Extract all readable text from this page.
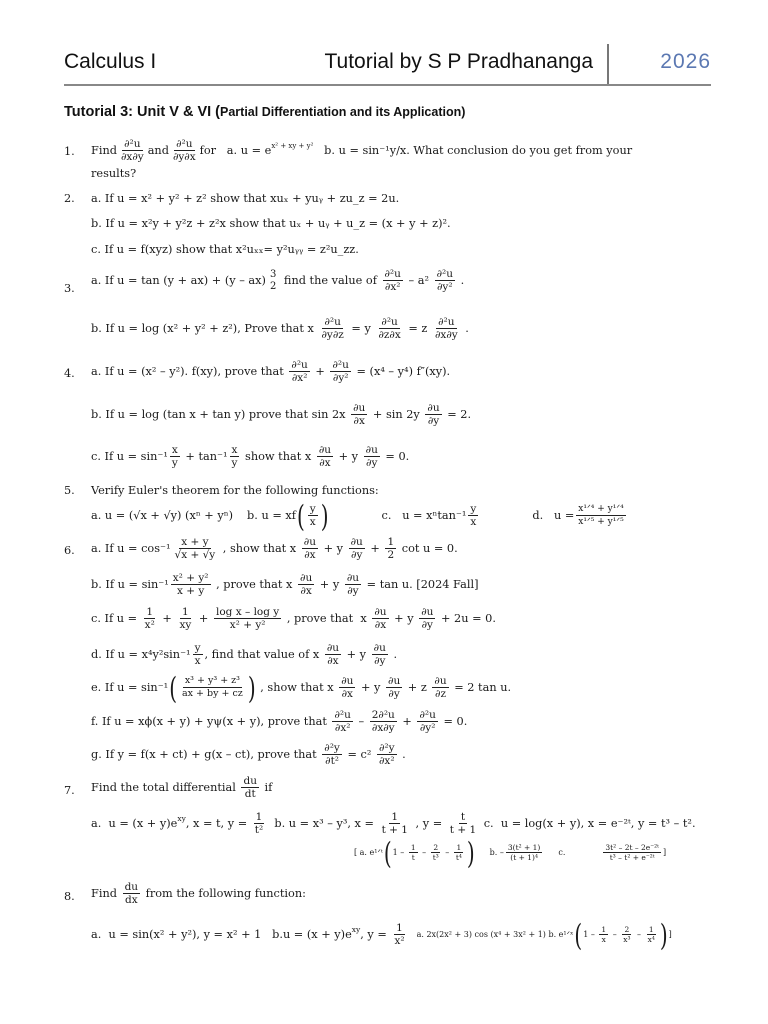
Calculus I	Tutorial by S P Pradhananga	2026
Tutorial 3: Unit V & VI (Partial Differentiation and its Application)
1. Find $\frac{\text{∂²u}}{\partial x\partial y}$ and $\frac{\text{∂²u}}{\partial y\partial x}$ for   a. $u = e^{x^2 + xy + y^2}$ b. u = sin⁻¹y/x. What conclusion do you get from your
results?
2. a. If u = x² + y² + z² show that xuₓ + yuᵧ + zu_z = 2u.
b. If u = x²y + y²z + z²x show that uₓ + uᵧ + u_z = (x + y + z)².
c. If u = f(xyz) show that x²uₓₓ= y²uᵧᵧ = z²u_zz.
3.
a. If u = tan (y + ax) + (y – ax) 3
2 find the value of $\frac{\text{∂²u}}{\text{∂x²}} - a^2 \frac{\text{∂²u}}{\text{∂y²}}$ .
b. If u = log (x² + y² + z²), Prove that x $\frac{\text{∂²u}}{\partial y\partial z} = y \frac{\text{∂²u}}{\partial z\partial x} = z \frac{\text{∂²u}}{\partial x\partial y}$ .
4. a. If u = (x² – y²). f(xy), prove that $\frac{\text{∂²u}}{\text{∂x²}} + \frac{\text{∂²u}}{\text{∂y²}} = (x^4 - y^4)$ f″(xy).
b. If u = log (tan x + tan y) prove that $\sin 2x \frac{\partial u}{\partial x} + \sin 2y \frac{\partial u}{\partial y} = 2$.
c. If $u = \sin^{-1} \frac{x}{y} + \tan^{-1} \frac{x}{y}$ show that x $\frac{\partial u}{\partial x} + y \frac{\partial u}{\partial y} = 0$.
5. Verify Euler's theorem for the following functions:
a. u = (√x + √y) (xⁿ + yⁿ) b. u = xf ( $\frac{y}{x}$ )	c.   $u = x^n\tan^{-1} \frac{y}{x}$	d.   $u = \frac{\text{x¹ᐟ⁴ + y¹ᐟ⁴}}{\text{x¹ᐟ⁵ + y¹ᐟ⁵}}$
6. a. If $u = \cos^{-1} \frac{x + y}{√x + √y}$ , show that x $\frac{\partial u}{\partial x} + y \frac{\partial u}{\partial y} + \frac{1}{2}$ cot u = 0.
b. If $u = \sin^{-1} \frac{\text{x² + y²}}{x + y}$ , prove that x $\frac{\partial u}{\partial x} + y \frac{\partial u}{\partial y} = \tan u$. [2024 Fall]
c. If $u = \frac{1}{\text{x²}} + \frac{1}{xy} + \frac{\text{log x – log y}}{\text{x² + y²}}$ , prove that  x $\frac{\partial u}{\partial x} + y \frac{\partial u}{\partial y} + 2u = 0$.
d. If $u = x^4y^2\sin^{-1} \frac{y}{x}$ , find that value of x $\frac{\partial u}{\partial x} + y \frac{\partial u}{\partial y}$ .
e. If u = sin⁻¹ ( $\frac{\text{x³ + y³ + z³}}{ax + by + cz}$ ) , show that x $\frac{\partial u}{\partial x} + y \frac{\partial u}{\partial y} + z \frac{\partial u}{\partial z} = 2$ tan u.
f. If u = xϕ(x + y) + yψ(x + y), prove that $\frac{\text{∂²u}}{\text{∂x²}} - \frac{\text{2∂²u}}{\partial x\partial y} + \frac{\text{∂²u}}{\text{∂y²}} = 0$.
g. If y = f(x + ct) + g(x – ct), prove that $\frac{\text{∂²y}}{\text{∂t²}} = c^2 \frac{\text{∂²y}}{\text{∂x²}}$ .
7. Find the total differential $\frac{du}{dt}$ if
a.  $u = (x + y)e^{xy}$ , x = t, $y = \frac{1}{\text{t²}} b$. u = x³ – y³, $x = \frac{1}{t + 1}$ , $y = \frac{t}{t + 1} c$.  u = log(x + y), x = e⁻²ᵗ, y = t³ – t².
[ a. e¹ᐟᵗ ( $1 - \frac{1}{t} - \frac{2}{\text{t³}} - \frac{1}{\text{t⁴}}$ ) b. – $\frac{\text{3(t² + 1)}}{\text{(t + 1)⁴}} c$.	$\frac{\text{3t² – 2t – 2e⁻²ᵗ}}{\text{t³ – t² + e⁻²ᵗ}}$ ]
8. Find $\frac{du}{dx}$ from the following function:
a.  u = sin(x² + y²), y = x² + 1 $b.u = (x + y)e^{xy}$ , $y = \frac{1}{\text{x²}} a$. 2x(2x² + 3) cos (x⁴ + 3x² + 1) b. e¹ᐟˣ ( $1 - \frac{1}{x} - \frac{2}{\text{x³}} - \frac{1}{\text{x⁴}}$ ) ]
